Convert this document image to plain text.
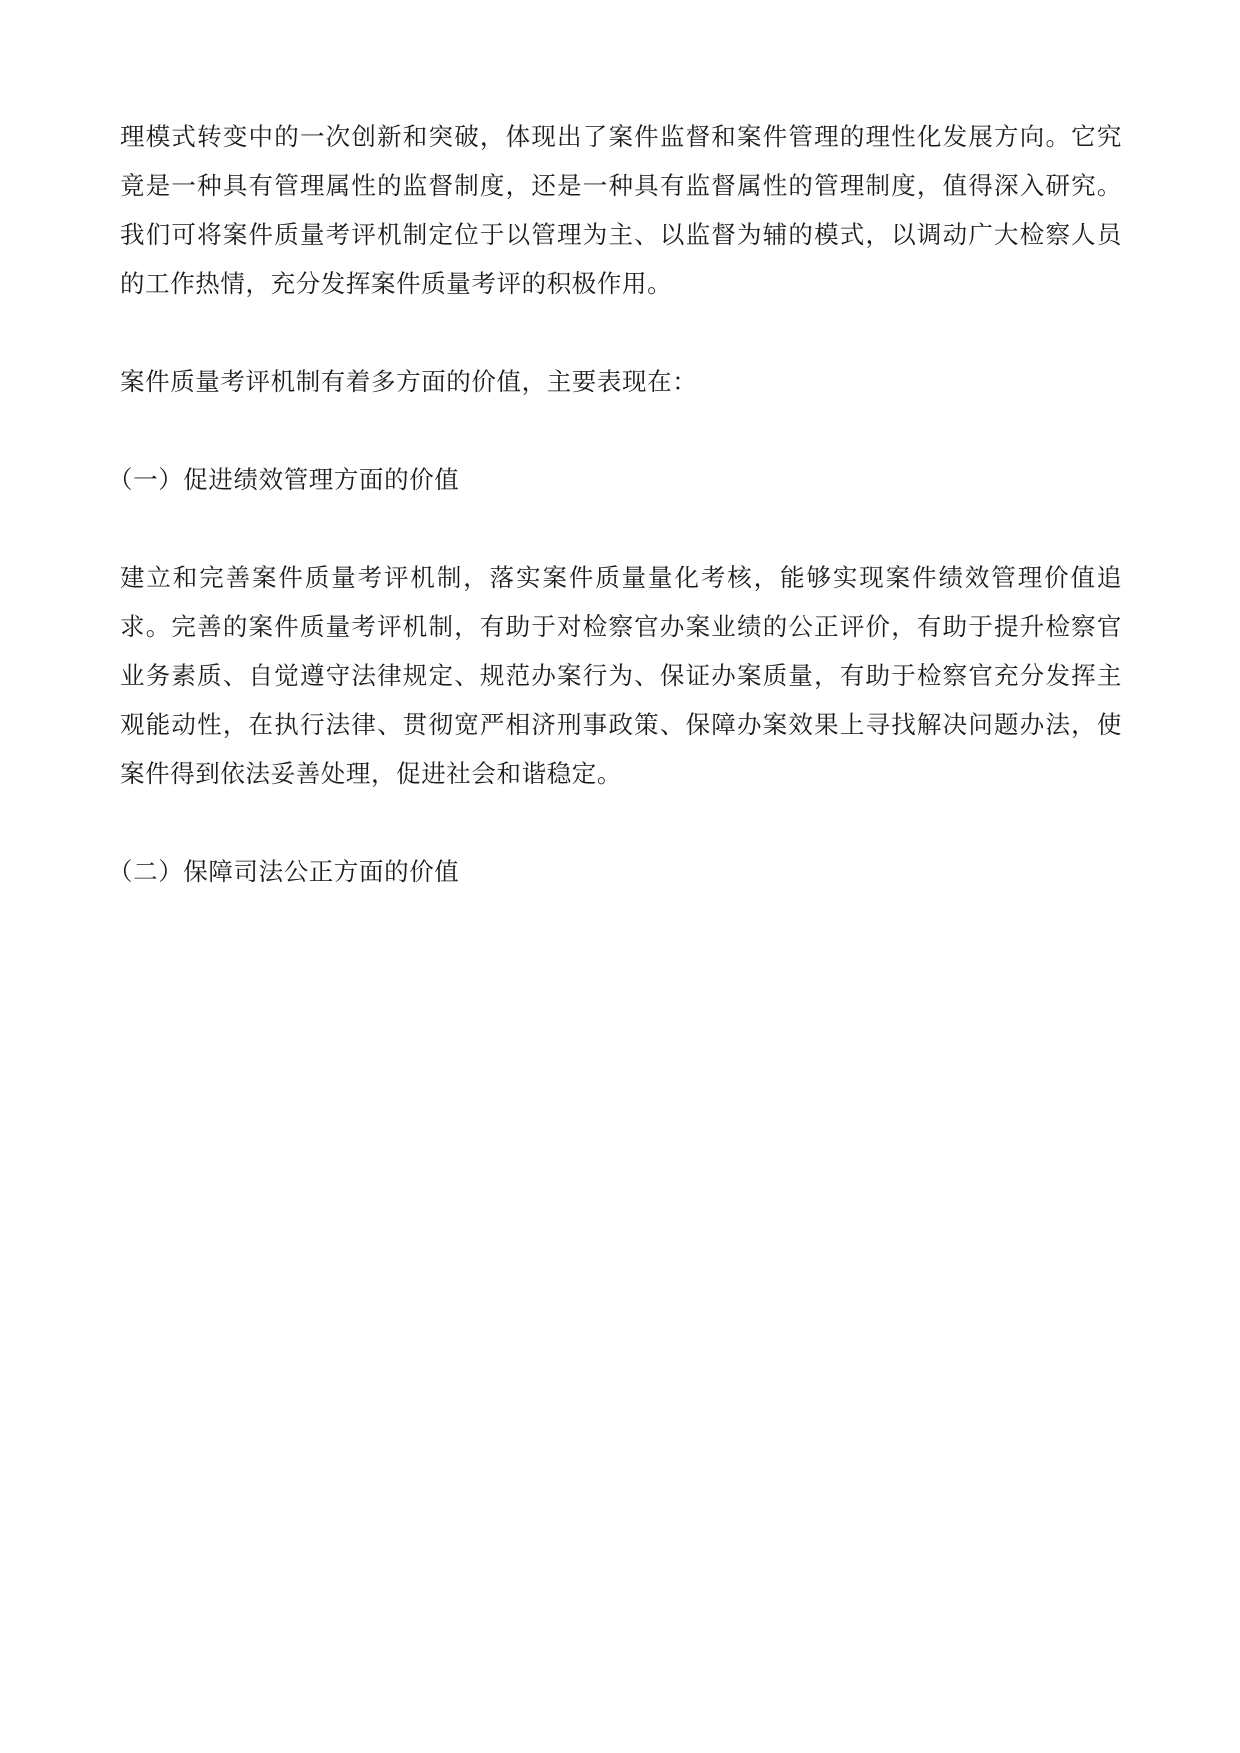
理模式转变中的一次创新和突破，体现出了案件监督和案件管理的理性化发展方向。它究竟是一种具有管理属性的监督制度，还是一种具有监督属性的管理制度，值得深入研究。我们可将案件质量考评机制定位于以管理为主、以监督为辅的模式，以调动广大检察人员的工作热情，充分发挥案件质量考评的积极作用。

案件质量考评机制有着多方面的价值，主要表现在：

（一）促进绩效管理方面的价值

建立和完善案件质量考评机制，落实案件质量量化考核，能够实现案件绩效管理价值追求。完善的案件质量考评机制，有助于对检察官办案业绩的公正评价，有助于提升检察官业务素质、自觉遵守法律规定、规范办案行为、保证办案质量，有助于检察官充分发挥主观能动性，在执行法律、贯彻宽严相济刑事政策、保障办案效果上寻找解决问题办法，使案件得到依法妥善处理，促进社会和谐稳定。

（二）保障司法公正方面的价值
